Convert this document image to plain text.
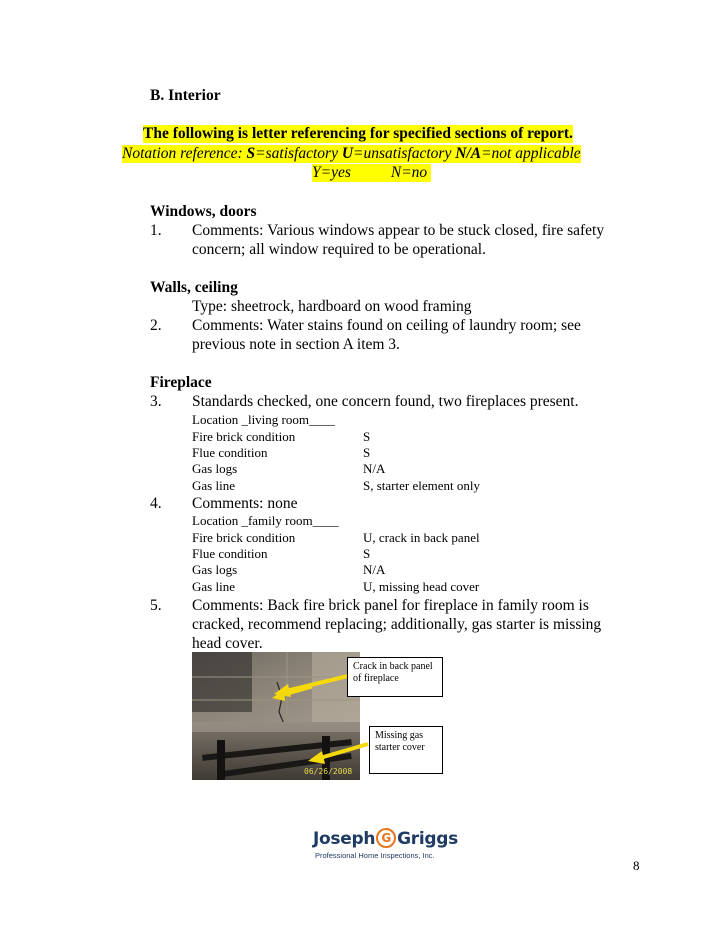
B. Interior
The following is letter referencing for specified sections of report.
Notation reference: S=satisfactory U=unsatisfactory N/A=not applicable
Y=yes	N=no
Windows, doors
1. Comments: Various windows appear to be stuck closed, fire safety
concern; all window required to be operational.
Walls, ceiling
Type: sheetrock, hardboard on wood framing
2. Comments: Water stains found on ceiling of laundry room; see
previous note in section A item 3.
Fireplace
3. Standards checked, one concern found, two fireplaces present.
Location _living room____
Fire brick condition	S
Flue condition	S
Gas logs	N/A
Gas line	S, starter element only
4. Comments: none
Location _family room____
Fire brick condition	U, crack in back panel
Flue condition	S
Gas logs	N/A
Gas line	U, missing head cover
5. Comments: Back fire brick panel for fireplace in family room is
cracked, recommend replacing; additionally, gas starter is missing
head cover.
06/26/2008
Crack in back panel of fireplace
Missing gas starter cover
Joseph G Griggs
Professional Home Inspections, Inc.
8
